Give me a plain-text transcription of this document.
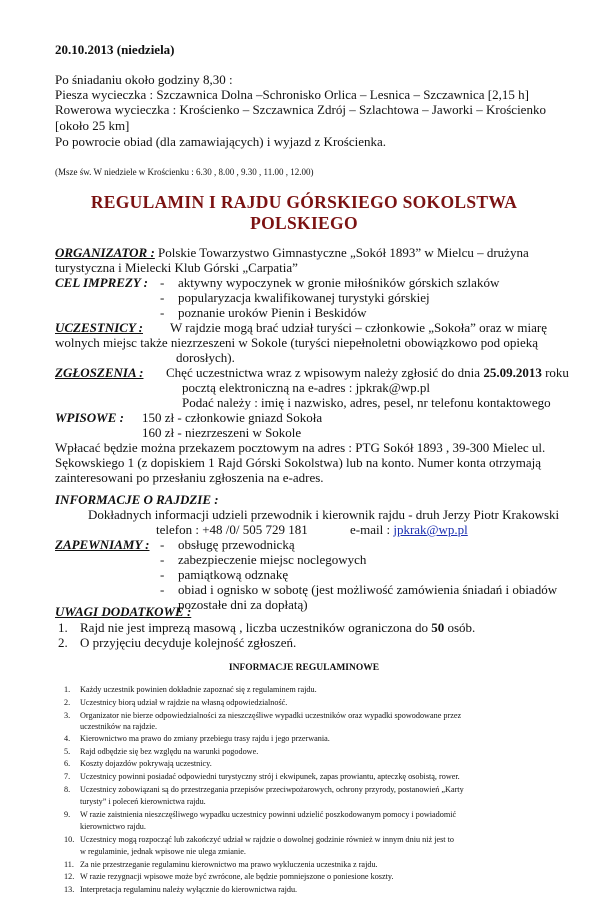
20.10.2013 (niedziela)
Po śniadaniu około godziny 8,30 :
Piesza wycieczka : Szczawnica Dolna –Schronisko Orlica – Lesnica – Szczawnica [2,15 h]
Rowerowa wycieczka : Krościenko – Szczawnica Zdrój – Szlachtowa – Jaworki – Krościenko
[około 25 km]
Po powrocie obiad (dla zamawiających) i wyjazd z Krościenka.
(Msze św. W niedziele w Krościenku : 6.30 , 8.00 , 9.30 , 11.00 , 12.00)
REGULAMIN I RAJDU GÓRSKIEGO SOKOLSTWA
POLSKIEGO
ORGANIZATOR : Polskie Towarzystwo Gimnastyczne „Sokół 1893” w Mielcu – drużyna
turystyczna i Mielecki Klub Górski „Carpatia”
CEL IMPREZY : - aktywny wypoczynek w gronie miłośników górskich szlaków
- popularyzacja kwalifikowanej turystyki górskiej
- poznanie uroków Pienin i Beskidów
UCZESTNICY : W rajdzie mogą brać udział turyści – członkowie „Sokoła” oraz w miarę
wolnych miejsc także niezrzeszeni w Sokole (turyści niepełnoletni obowiązkowo pod opieką
dorosłych).
ZGŁOSZENIA : Chęć uczestnictwa wraz z wpisowym należy zgłosić do dnia 25.09.2013 roku
pocztą elektroniczną na e-adres : jpkrak@wp.pl
Podać należy : imię i nazwisko, adres, pesel, nr telefonu kontaktowego
WPISOWE : 150 zł - członkowie gniazd Sokoła
160 zł - niezrzeszeni w Sokole
Wpłacać będzie można przekazem pocztowym na adres : PTG Sokół 1893 , 39-300 Mielec ul.
Sękowskiego 1 (z dopiskiem 1 Rajd Górski Sokolstwa) lub na konto. Numer konta otrzymają
zainteresowani po przesłaniu zgłoszenia na e-adres.
INFORMACJE O RAJDZIE :
Dokładnych informacji udzieli przewodnik i kierownik rajdu - druh Jerzy Piotr Krakowski
telefon : +48 /0/ 505 729 181	e-mail : jpkrak@wp.pl
ZAPEWNIAMY : - obsługę przewodnicką
- zabezpieczenie miejsc noclegowych
- pamiątkową odznakę
- obiad i ognisko w sobotę (jest możliwość zamówienia śniadań i obiadów
pozostałe dni za dopłatą)
UWAGI DODATKOWE :
1. Rajd nie jest imprezą masową , liczba uczestników ograniczona do 50 osób.
2. O przyjęciu decyduje kolejność zgłoszeń.
INFORMACJE REGULAMINOWE
1. Każdy uczestnik powinien dokładnie zapoznać się z regulaminem rajdu.
2. Uczestnicy biorą udział w rajdzie na własną odpowiedzialność.
3. Organizator nie bierze odpowiedzialności za nieszczęśliwe wypadki uczestników oraz wypadki spowodowane przez
uczestników na rajdzie.
4. Kierownictwo ma prawo do zmiany przebiegu trasy rajdu i jego przerwania.
5. Rajd odbędzie się bez względu na warunki pogodowe.
6. Koszty dojazdów pokrywają uczestnicy.
7. Uczestnicy powinni posiadać odpowiedni turystyczny strój i ekwipunek, zapas prowiantu, apteczkę osobistą, rower.
8. Uczestnicy zobowiązani są do przestrzegania przepisów przeciwpożarowych, ochrony przyrody, postanowień „Karty
turysty” i poleceń kierownictwa rajdu.
9. W razie zaistnienia nieszczęśliwego wypadku uczestnicy powinni udzielić poszkodowanym pomocy i powiadomić
kierownictwo rajdu.
10. Uczestnicy mogą rozpocząć lub zakończyć udział w rajdzie o dowolnej godzinie również w innym dniu niż jest to
w regulaminie, jednak wpisowe nie ulega zmianie.
11. Za nie przestrzeganie regulaminu kierownictwo ma prawo wykluczenia uczestnika z rajdu.
12. W razie rezygnacji wpisowe może być zwrócone, ale będzie pomniejszone o poniesione koszty.
13. Interpretacja regulaminu należy wyłącznie do kierownictwa rajdu.
